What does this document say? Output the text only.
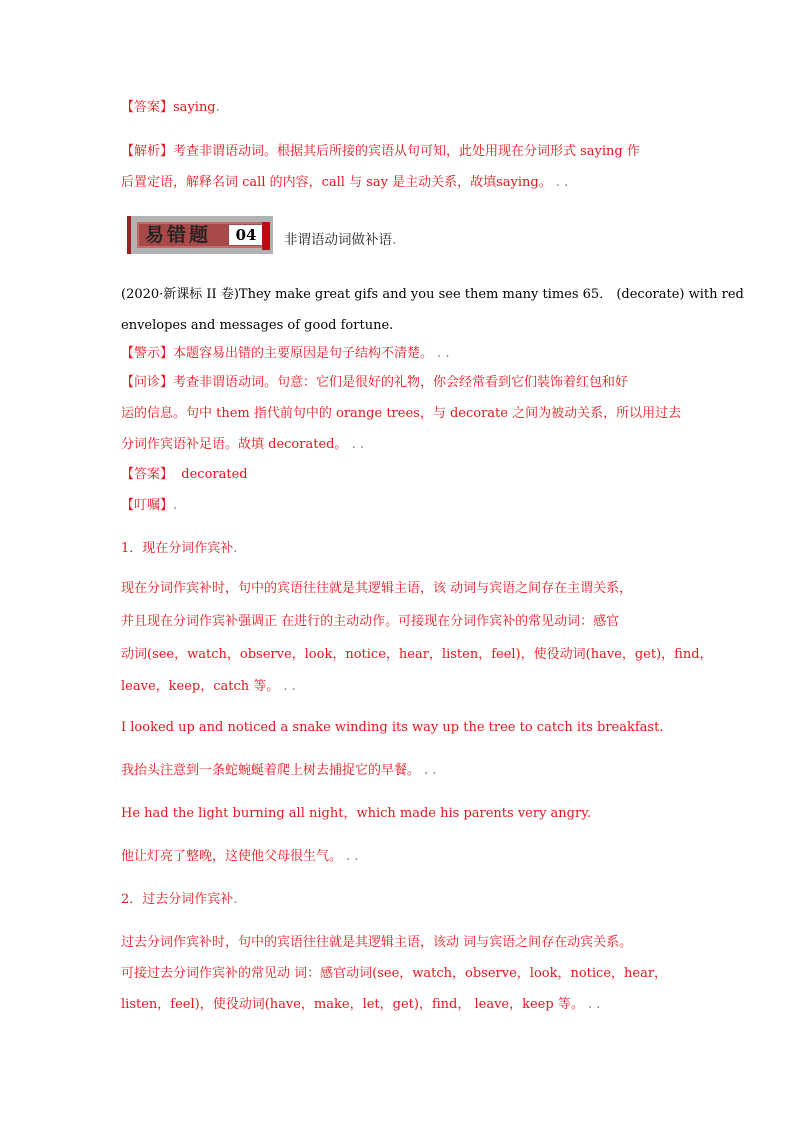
【答案】saying.
【解析】考查非谓语动词。根据其后所接的宾语从句可知，此处用现在分词形式 saying 作
后置定语，解释名词 call 的内容，call 与 say 是主动关系，故填saying。 . .
易错题	04	非谓语动词做补语.
(2020·新课标 II 卷)They make great gifs and you see them many times 65． (decorate) with red
envelopes and messages of good fortune.
【警示】本题容易出错的主要原因是句子结构不清楚。 . .
【问诊】考查非谓语动词。句意：它们是很好的礼物，你会经常看到它们装饰着红包和好
运的信息。句中 them 指代前句中的 orange trees，与 decorate 之间为被动关系，所以用过去
分词作宾语补足语。故填 decorated。 . .
【答案】 decorated
【叮嘱】.
1．现在分词作宾补.
现在分词作宾补时，句中的宾语往往就是其逻辑主语，该 动词与宾语之间存在主谓关系，
并且现在分词作宾补强调正 在进行的主动动作。可接现在分词作宾补的常见动词：感官
动词(see，watch，observe，look，notice，hear，listen，feel)，使役动词(have，get)，find，
leave，keep，catch 等。 . .
I looked up and noticed a snake winding its way up the tree to catch its breakfast.
我抬头注意到一条蛇蜿蜒着爬上树去捕捉它的早餐。 . .
He had the light burning all night，which made his parents very angry.
他让灯亮了整晚，这使他父母很生气。 . .
2．过去分词作宾补.
过去分词作宾补时，句中的宾语往往就是其逻辑主语，该动 词与宾语之间存在动宾关系。
可接过去分词作宾补的常见动 词：感官动词(see，watch，observe，look，notice，hear，
listen，feel)，使役动词(have，make，let，get)，find， leave，keep 等。 . .
